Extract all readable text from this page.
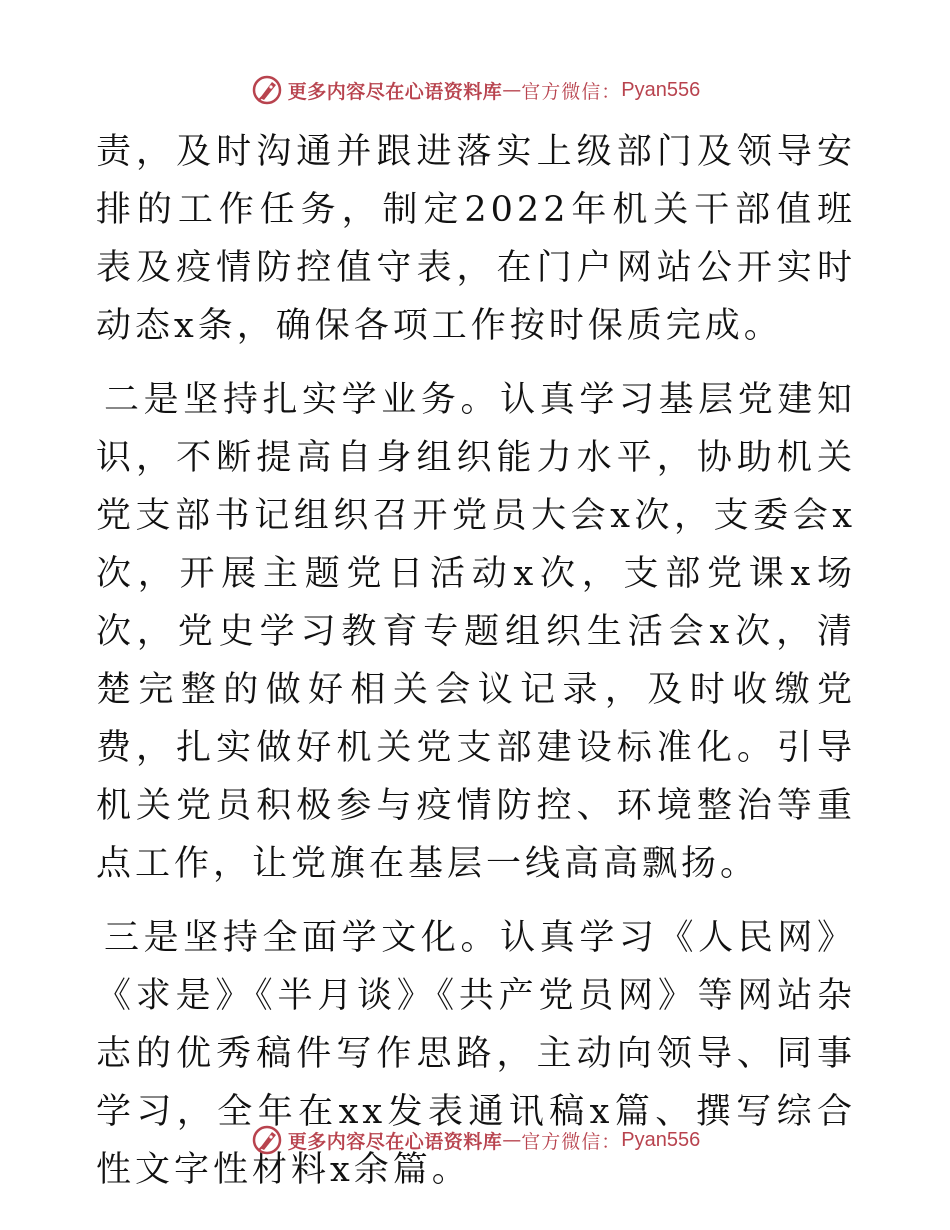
更多内容尽在心语资料库 — 官方微信： Pyan556

责，及时沟通并跟进落实上级部门及领导安排的工作任务，制定2022年机关干部值班表及疫情防控值守表，在门户网站公开实时动态x条，确保各项工作按时保质完成。

二是坚持扎实学业务。认真学习基层党建知识，不断提高自身组织能力水平，协助机关党支部书记组织召开党员大会x次，支委会x次，开展主题党日活动x次，支部党课x场次，党史学习教育专题组织生活会x次，清楚完整的做好相关会议记录，及时收缴党费，扎实做好机关党支部建设标准化。引导机关党员积极参与疫情防控、环境整治等重点工作，让党旗在基层一线高高飘扬。

三是坚持全面学文化。认真学习《人民网》《求是》《半月谈》《共产党员网》等网站杂志的优秀稿件写作思路，主动向领导、同事学习，全年在xx发表通讯稿x篇、撰写综合性文字性材料x余篇。

更多内容尽在心语资料库 — 官方微信： Pyan556
